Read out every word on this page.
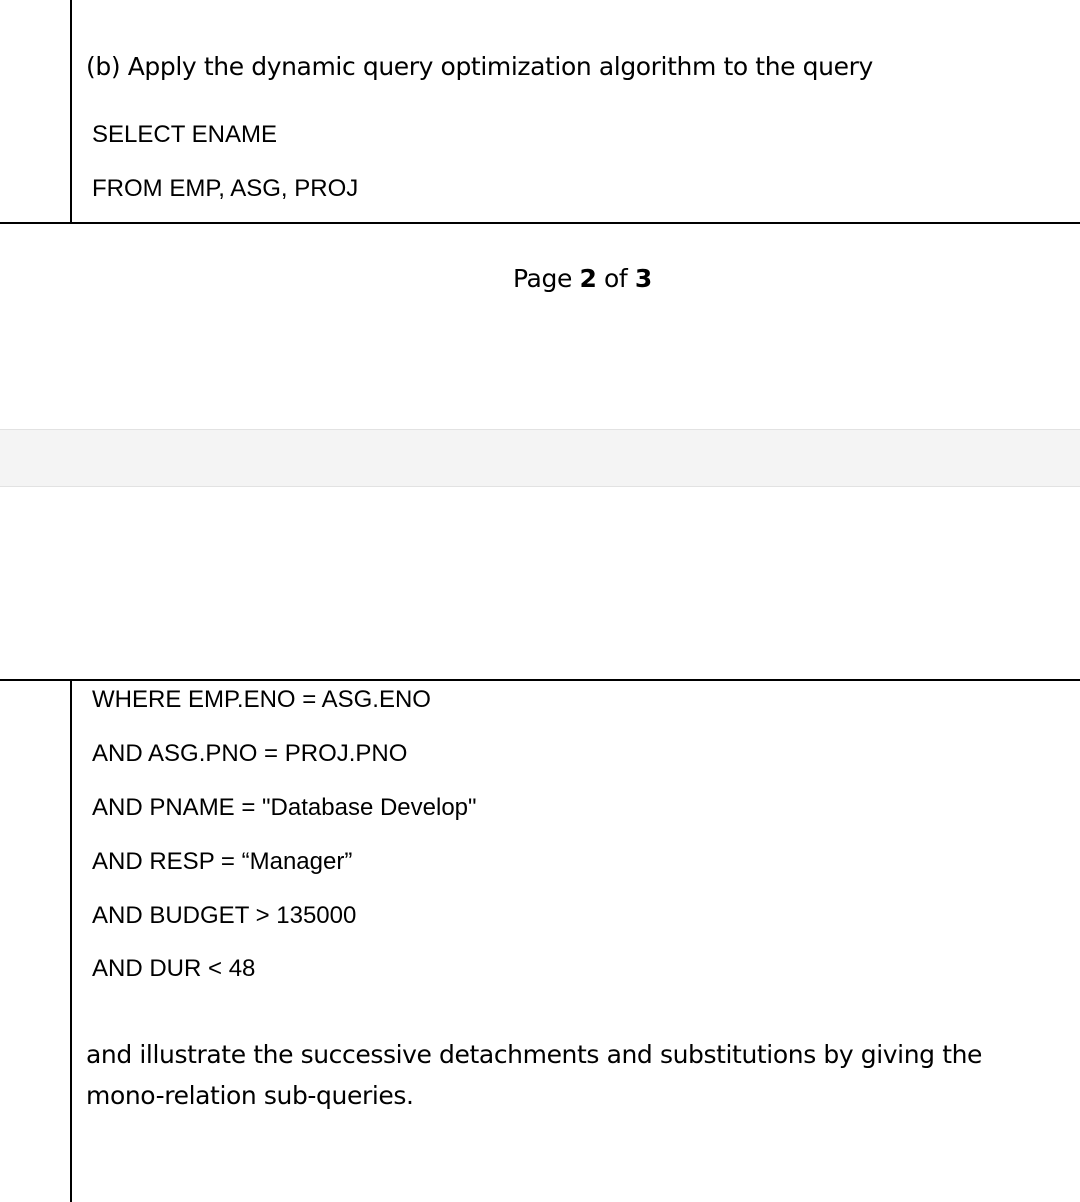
(b) Apply the dynamic query optimization algorithm to the query
SELECT ENAME
FROM EMP, ASG, PROJ
Page 2 of 3
WHERE EMP.ENO = ASG.ENO
AND ASG.PNO = PROJ.PNO
AND PNAME = "Database Develop"
AND RESP = “Manager”
AND BUDGET > 135000
AND DUR < 48
and illustrate the successive detachments and substitutions by giving the
mono-relation sub-queries.
